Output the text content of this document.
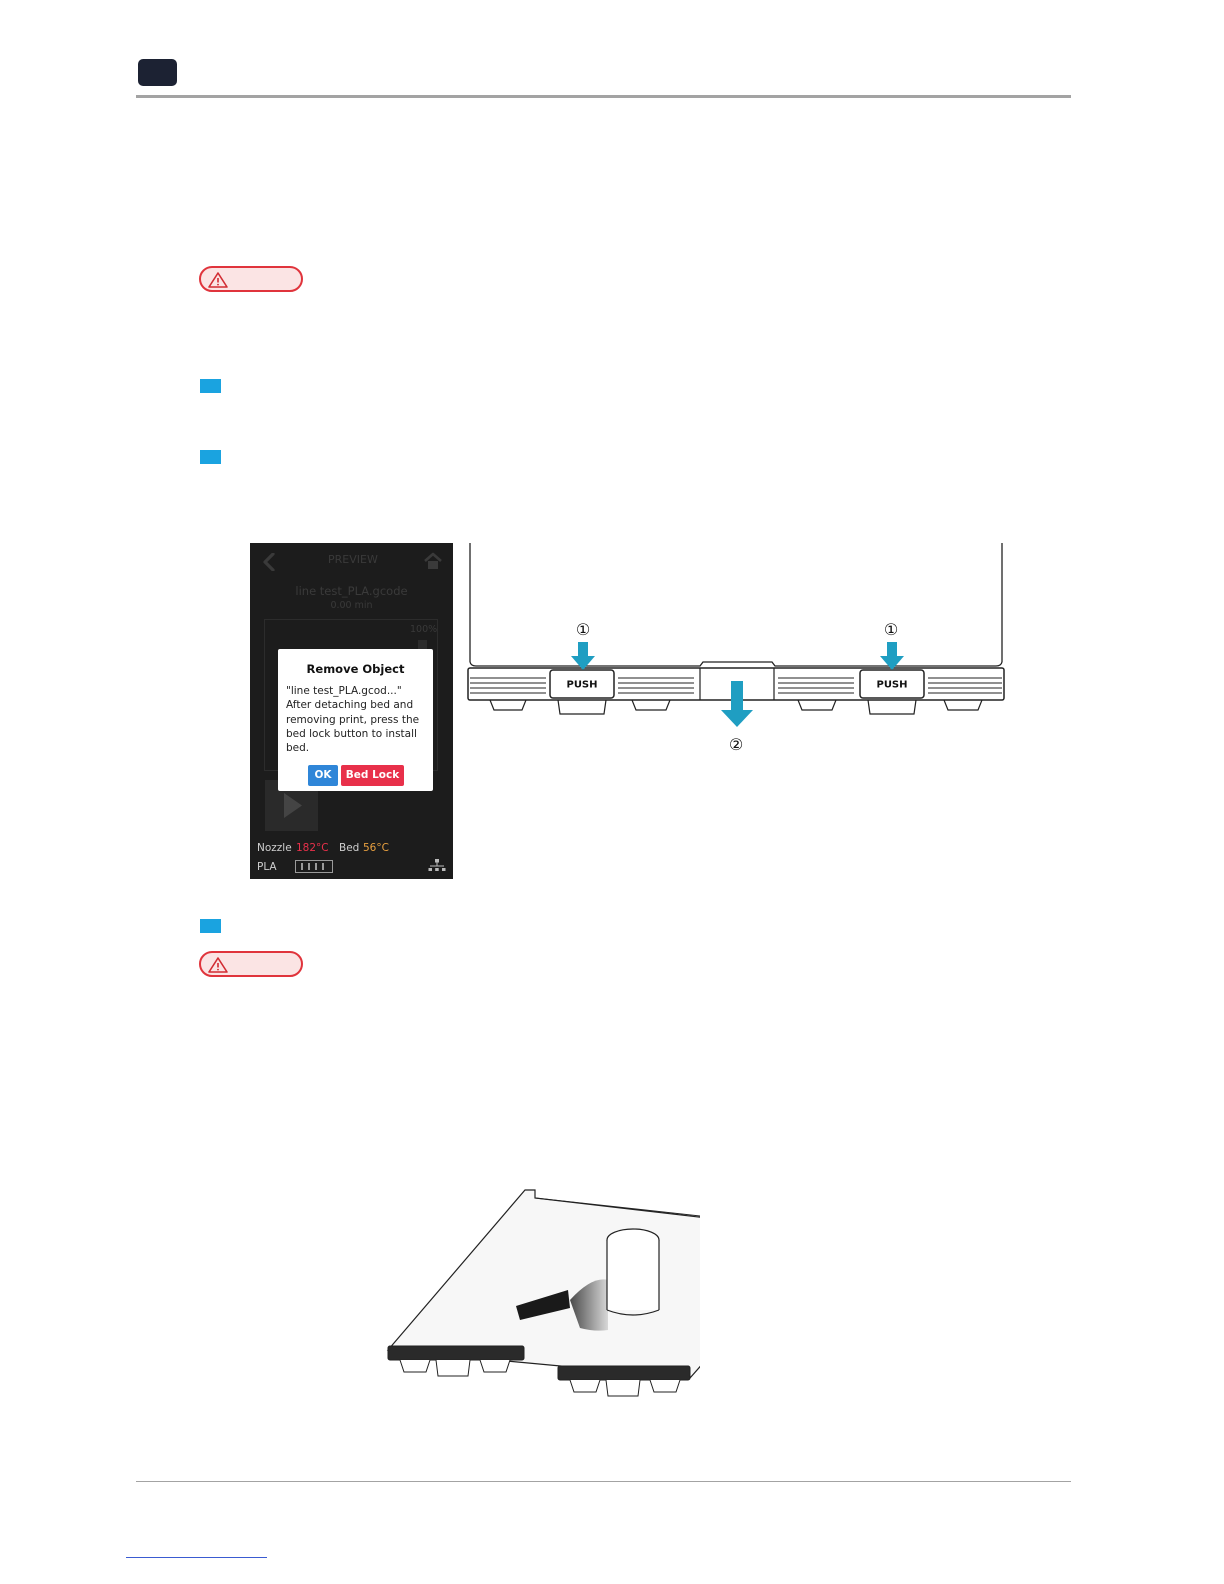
PREVIEW
line test_PLA.gcode
0.00 min
100%
Remove Object
"line test_PLA.gcod..."
After detaching bed and
removing print, press the
bed lock button to install
bed.
OK	Bed Lock
Nozzle 182°C Bed 56°C
PLA
PUSH	PUSH
①	①
②
